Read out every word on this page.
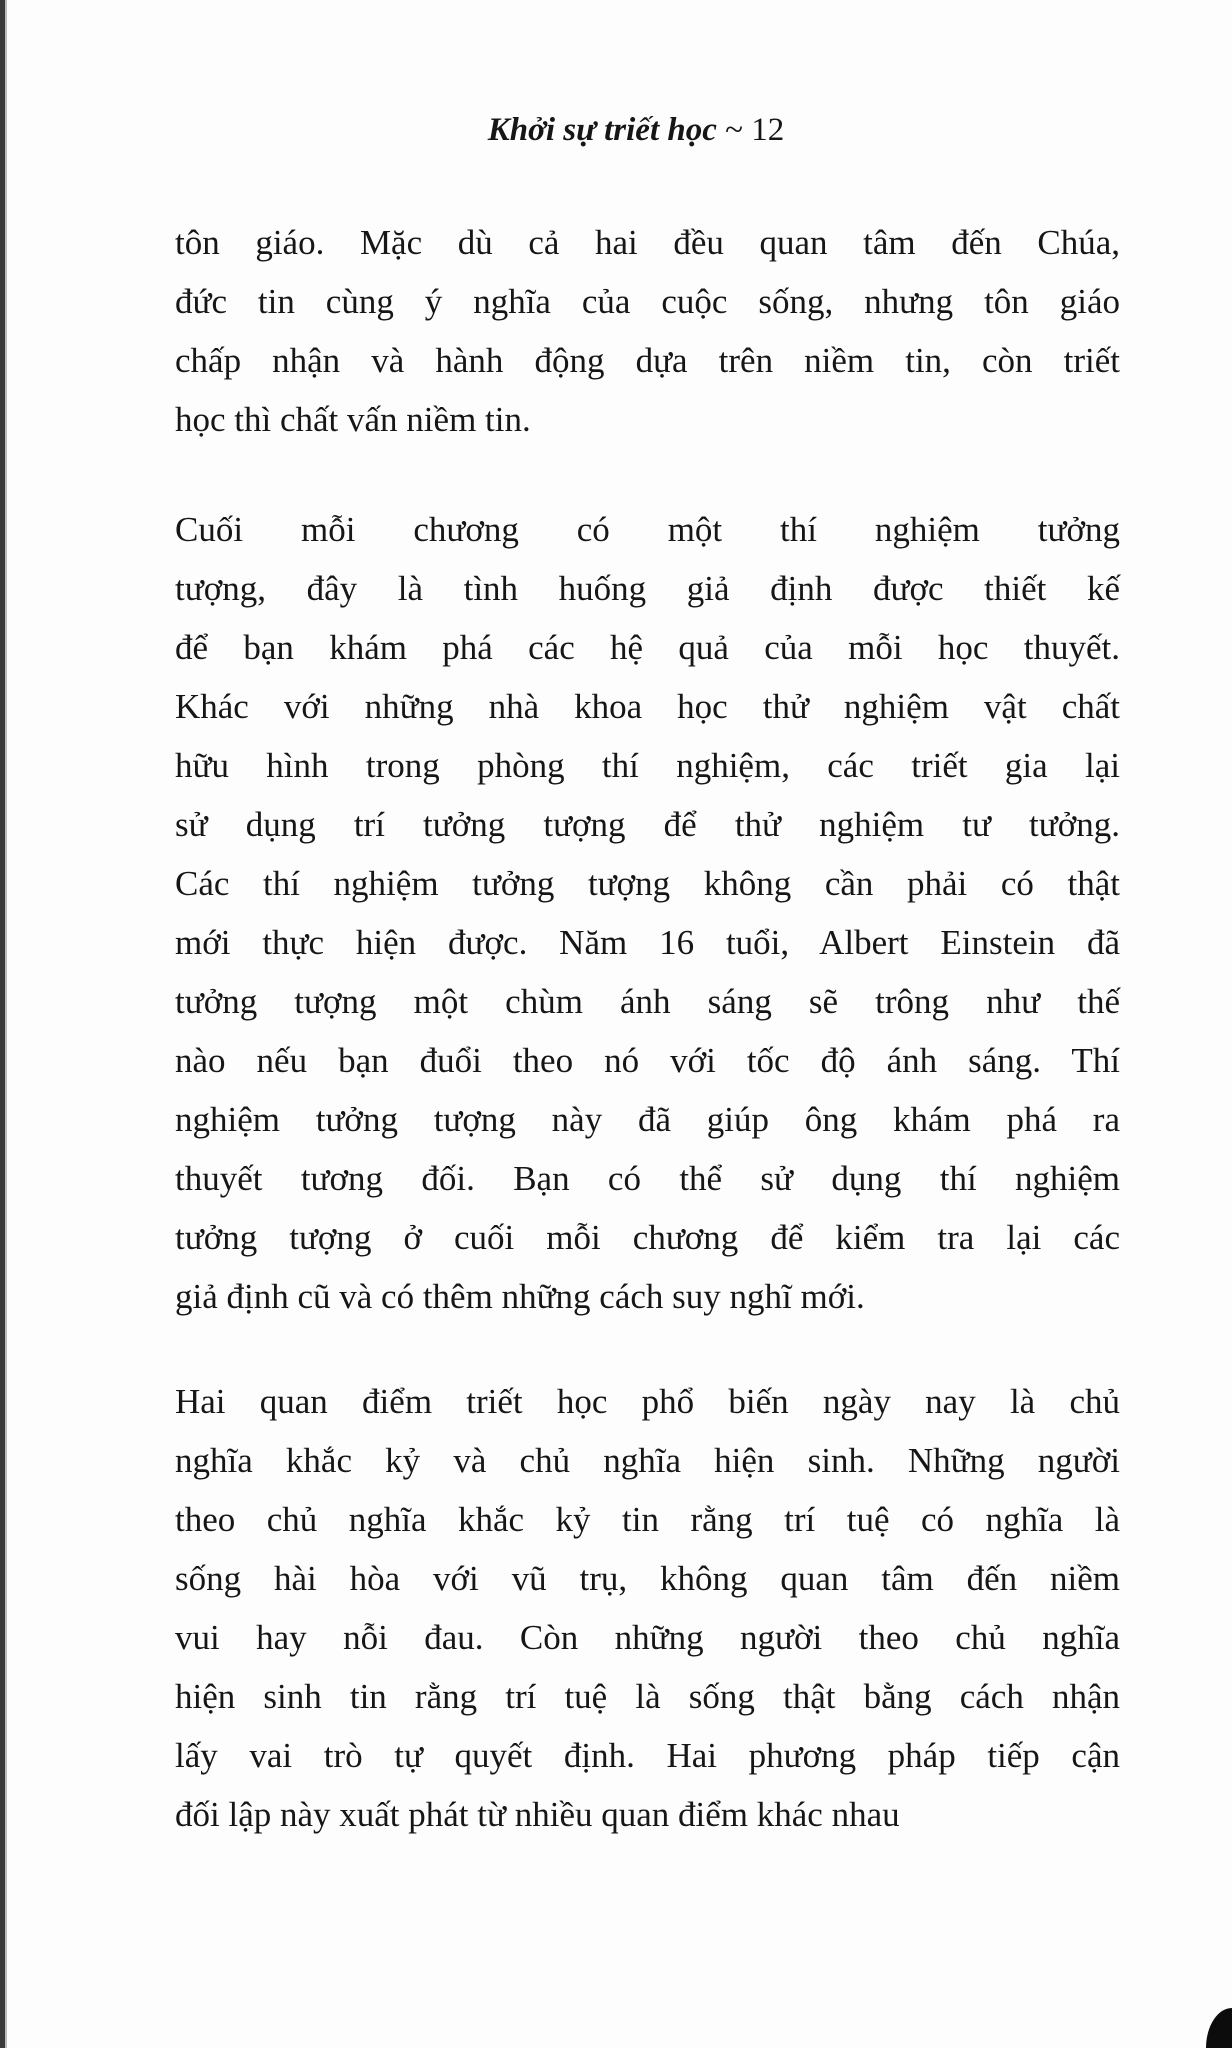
Khởi sự triết học ~ 12
tôn giáo. Mặc dù cả hai đều quan tâm đến Chúa,
đức tin cùng ý nghĩa của cuộc sống, nhưng tôn giáo
chấp nhận và hành động dựa trên niềm tin, còn triết
học thì chất vấn niềm tin.
Cuối mỗi chương có một thí nghiệm tưởng
tượng, đây là tình huống giả định được thiết kế
để bạn khám phá các hệ quả của mỗi học thuyết.
Khác với những nhà khoa học thử nghiệm vật chất
hữu hình trong phòng thí nghiệm, các triết gia lại
sử dụng trí tưởng tượng để thử nghiệm tư tưởng.
Các thí nghiệm tưởng tượng không cần phải có thật
mới thực hiện được. Năm 16 tuổi, Albert Einstein đã
tưởng tượng một chùm ánh sáng sẽ trông như thế
nào nếu bạn đuổi theo nó với tốc độ ánh sáng. Thí
nghiệm tưởng tượng này đã giúp ông khám phá ra
thuyết tương đối. Bạn có thể sử dụng thí nghiệm
tưởng tượng ở cuối mỗi chương để kiểm tra lại các
giả định cũ và có thêm những cách suy nghĩ mới.
Hai quan điểm triết học phổ biến ngày nay là chủ
nghĩa khắc kỷ và chủ nghĩa hiện sinh. Những người
theo chủ nghĩa khắc kỷ tin rằng trí tuệ có nghĩa là
sống hài hòa với vũ trụ, không quan tâm đến niềm
vui hay nỗi đau. Còn những người theo chủ nghĩa
hiện sinh tin rằng trí tuệ là sống thật bằng cách nhận
lấy vai trò tự quyết định. Hai phương pháp tiếp cận
đối lập này xuất phát từ nhiều quan điểm khác nhau
